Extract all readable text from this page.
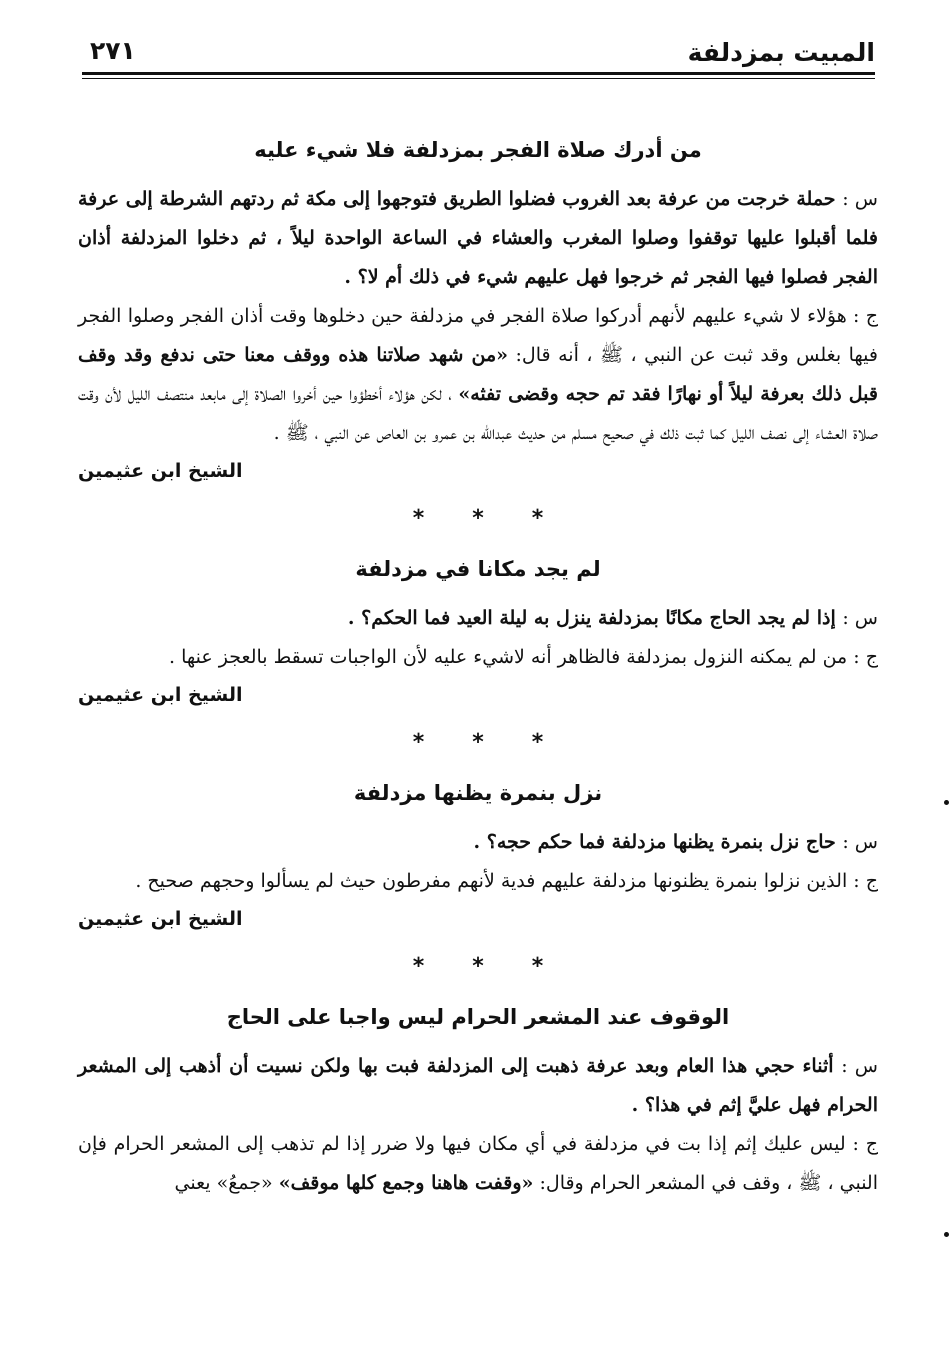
المبيت بمزدلفة
٢٧١
من أدرك صلاة الفجر بمزدلفة فلا شيء عليه

س : حملة خرجت من عرفة بعد الغروب فضلوا الطريق فتوجهوا إلى مكة ثم ردتهم الشرطة إلى عرفة فلما أقبلوا عليها توقفوا وصلوا المغرب والعشاء في الساعة الواحدة ليلاً ، ثم دخلوا المزدلفة أذان الفجر فصلوا فيها الفجر ثم خرجوا فهل عليهم شيء في ذلك أم لا؟ .

ج : هؤلاء لا شيء عليهم لأنهم أدركوا صلاة الفجر في مزدلفة حين دخلوها وقت أذان الفجر وصلوا الفجر فيها بغلس وقد ثبت عن النبي ، ﷺ ، أنه قال: «من شهد صلاتنا هذه ووقف معنا حتى ندفع وقد وقف قبل ذلك بعرفة ليلاً أو نهارًا فقد تم حجه وقضى تفثه» ، لكن هؤلاء أخطؤوا حين أخروا الصلاة إلى مابعد منتصف الليل لأن وقت صلاة العشاء إلى نصف الليل كما ثبت ذلك في صحيح مسلم من حديث عبدالله بن عمرو بن العاص عن النبي ، ﷺ .

الشيخ ابن عثيمين

***

لم يجد مكانا في مزدلفة

س : إذا لم يجد الحاج مكانًا بمزدلفة ينزل به ليلة العيد فما الحكم؟ .

ج : من لم يمكنه النزول بمزدلفة فالظاهر أنه لاشيء عليه لأن الواجبات تسقط بالعجز عنها .

الشيخ ابن عثيمين

***

نزل بنمرة يظنها مزدلفة

س : حاج نزل بنمرة يظنها مزدلفة فما حكم حجه؟ .

ج : الذين نزلوا بنمرة يظنونها مزدلفة عليهم فدية لأنهم مفرطون حيث لم يسألوا وحجهم صحيح .

الشيخ ابن عثيمين

***

الوقوف عند المشعر الحرام ليس واجبا على الحاج

س : أثناء حجي هذا العام وبعد عرفة ذهبت إلى المزدلفة فبت بها ولكن نسيت أن أذهب إلى المشعر الحرام فهل عليَّ إثم في هذا؟ .

ج : ليس عليك إثم إذا بت في مزدلفة في أي مكان فيها ولا ضرر إذا لم تذهب إلى المشعر الحرام فإن النبي ، ﷺ ، وقف في المشعر الحرام وقال: «وقفت هاهنا وجمع كلها موقف» «جمعُ» يعني
